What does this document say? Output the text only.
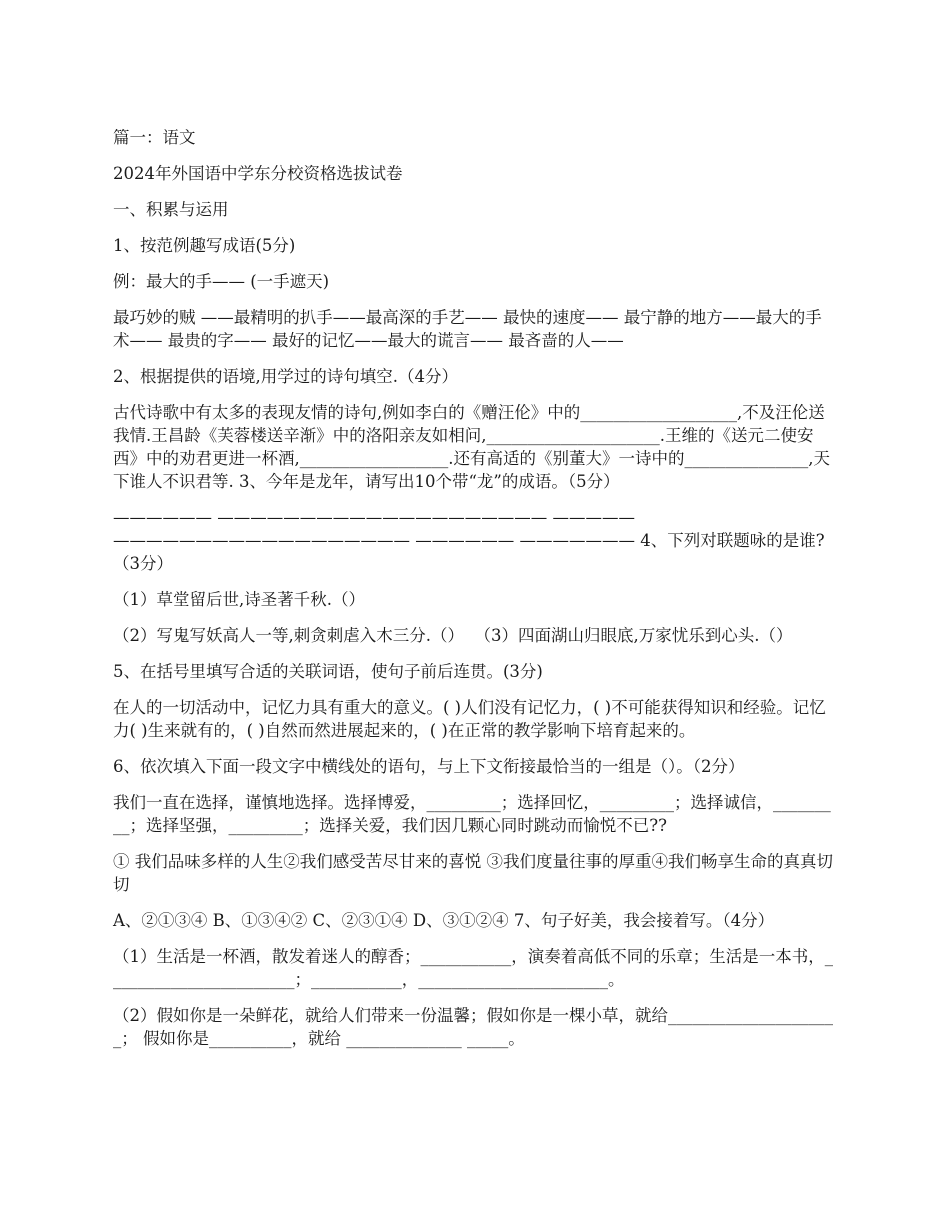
篇一：语文

2024年外国语中学东分校资格选拔试卷

一、积累与运用

1、按范例趣写成语(5分)

例：最大的手—— (一手遮天)

最巧妙的贼 ——最精明的扒手——最高深的手艺—— 最快的速度—— 最宁静的地方——最大的手术—— 最贵的字—— 最好的记忆——最大的谎言—— 最吝啬的人——

2、根据提供的语境,用学过的诗句填空.（4分）

古代诗歌中有太多的表现友情的诗句,例如李白的《赠汪伦》中的___________________,不及汪伦送我情.王昌龄《芙蓉楼送辛渐》中的洛阳亲友如相问,_____________________.王维的《送元二使安西》中的劝君更进一杯酒,__________________.还有高适的《别董大》一诗中的_______________,天下谁人不识君等. 3、今年是龙年，请写出10个带“龙”的成语。（5分）

—————— ———————————————————— ————— —————————————————— —————— ——————— 4、下列对联题咏的是谁?（3分）

（1）草堂留后世,诗圣著千秋.（）

（2）写鬼写妖高人一等,刺贪刺虐入木三分.（）  （3）四面湖山归眼底,万家忧乐到心头.（）

5、在括号里填写合适的关联词语，使句子前后连贯。(3分)

在人的一切活动中，记忆力具有重大的意义。( )人们没有记忆力，( )不可能获得知识和经验。记忆力( )生来就有的，( )自然而然进展起来的，( )在正常的教学影响下培育起来的。

6、依次填入下面一段文字中横线处的语句，与上下文衔接最恰当的一组是（）。（2分）

我们一直在选择，谨慎地选择。选择博爱，_________；选择回忆，_________；选择诚信，_________；选择坚强，_________；选择关爱，我们因几颗心同时跳动而愉悦不已??

① 我们品味多样的人生②我们感受苦尽甘来的喜悦 ③我们度量往事的厚重④我们畅享生命的真真切切

A、②①③④ B、①③④② C、②③①④ D、③①②④ 7、句子好美，我会接着写。（4分）

（1）生活是一杯酒，散发着迷人的醇香；___________，演奏着高低不同的乐章；生活是一本书，_______________________；___________，_______________________。

（2）假如你是一朵鲜花，就给人们带来一份温馨；假如你是一棵小草，就给_____________________； 假如你是__________，就给 ______________ _____。
